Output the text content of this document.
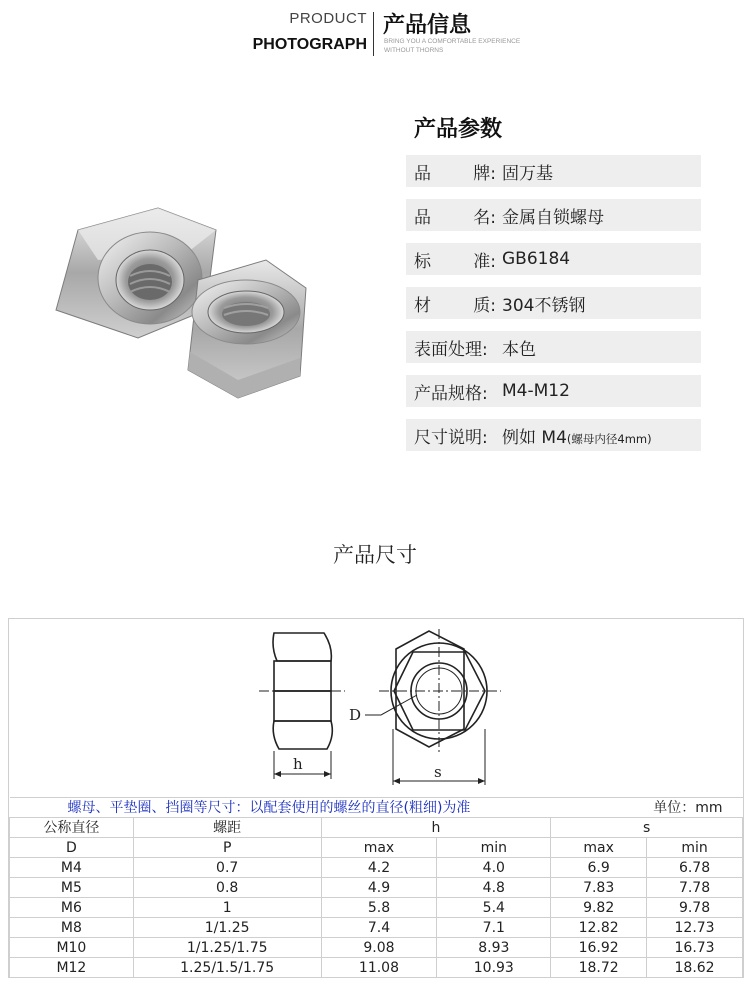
PRODUCT
PHOTOGRAPH
产品信息
BRING YOU A COMFORTABLE EXPERIENCE
WITHOUT THORNS
产品参数
品 牌: 固万基
品 名: 金属自锁螺母
标 准: GB6184
材 质: 304不锈钢
表面处理: 本色
产品规格: M4-M12
尺寸说明: 例如 M4(螺母内径4mm)
产品尺寸
D
h	s
螺母、平垫圈、挡圈等尺寸：以配套使用的螺丝的直径(粗细)为准				单位：mm	
公称直径	螺距	h		s	
D	P	max	min	max	min
M4	0.7	4.2	4.0	6.9	6.78
M5	0.8	4.9	4.8	7.83	7.78
M6	1	5.8	5.4	9.82	9.78
M8	1/1.25	7.4	7.1	12.82	12.73
M10	1/1.25/1.75	9.08	8.93	16.92	16.73
M12	1.25/1.5/1.75	11.08	10.93	18.72	18.62
